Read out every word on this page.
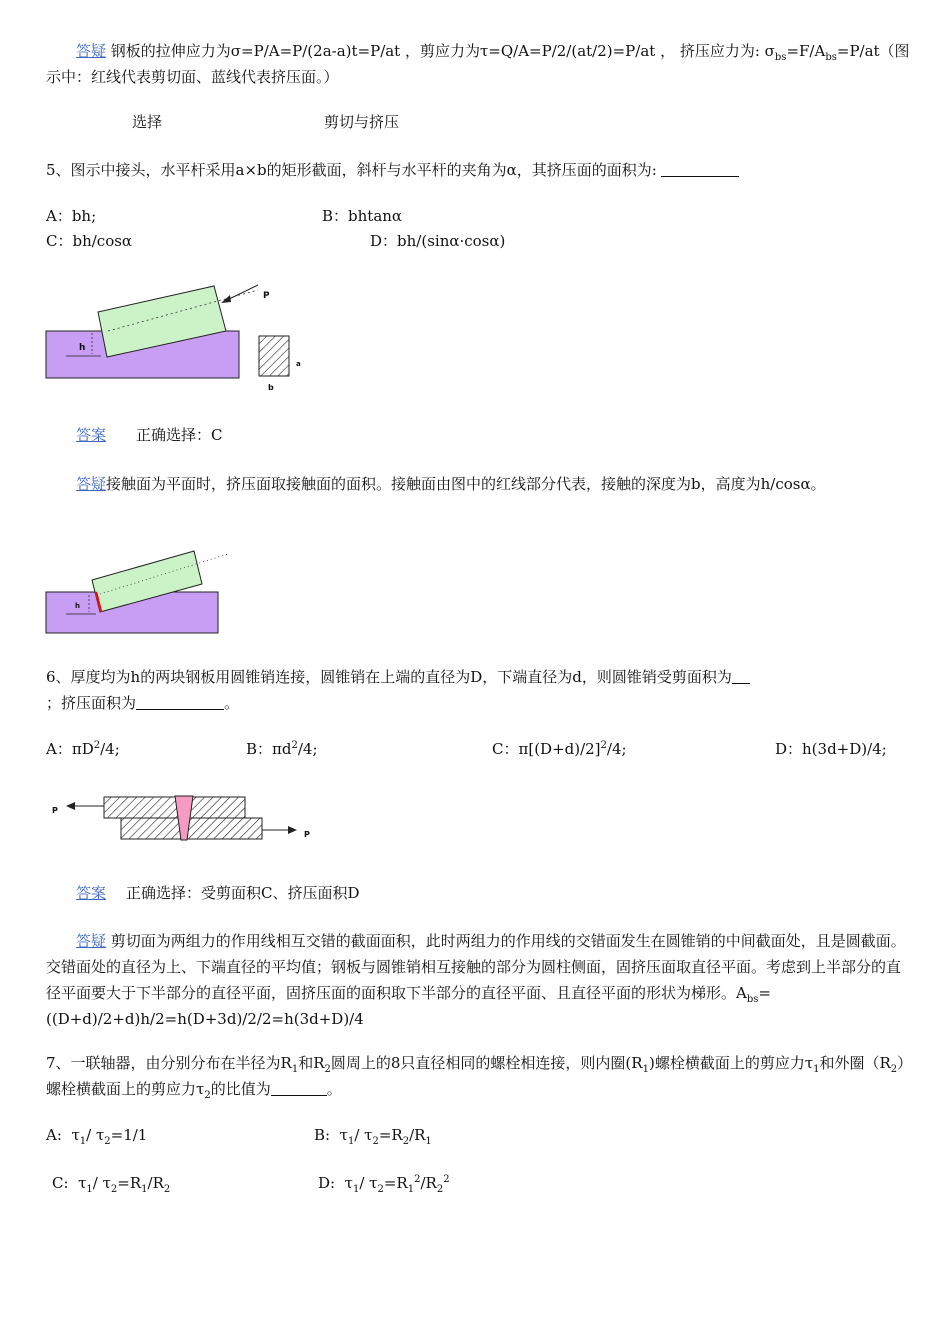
答疑 钢板的拉伸应力为σ=P/A=P/(2a-a)t=P/at ，剪应力为τ=Q/A=P/2/(at/2)=P/at ， 挤压应力为: $\sigma_{bs}=F/A_{bs}=P/at$（图示中：红线代表剪切面、蓝线代表挤压面。）
选择	剪切与挤压
5、图示中接头，水平杆采用a×b的矩形截面，斜杆与水平杆的夹角为α，其挤压面的面积为:
A：bh;	B：bhtanα
C：bh/cosα	D：bh/(sinα·cosα)
h
P
a
b
h
P
P
答案 正确选择：C
答疑接触面为平面时，挤压面取接触面的面积。接触面由图中的红线部分代表，接触的深度为b，高度为h/cosα。
6、厚度均为h的两块钢板用圆锥销连接，圆锥销在上端的直径为D，下端直径为d，则圆锥销受剪面积为
；挤压面积为	。
A：$\pi D^2/4$;	B：$\pi d^2/4$;	C：$\pi[(D+d)/2]^2/4$;	D：h(3d+D)/4;
答案 正确选择：受剪面积C、挤压面积D
答疑 剪切面为两组力的作用线相互交错的截面面积，此时两组力的作用线的交错面发生在圆锥销的中间截面处，且是圆截面。交错面处的直径为上、下端直径的平均值；钢板与圆锥销相互接触的部分为圆柱侧面，固挤压面取直径平面。考虑到上半部分的直径平面要大于下半部分的直径平面，固挤压面的面积取下半部分的直径平面、且直径平面的形状为梯形。$A_{bs}=((D+d)/2+d)h/2=h(D+3d)/2/2=h(3d+D)/4$
7、一联轴器，由分别分布在半径为$R_1$和$R_2$圆周上的8只直径相同的螺栓相连接，则内圈$(R_1)$螺栓横截面上的剪应力$\tau_1$和外圈$(R_2)$螺栓横截面上的剪应力$\tau_2$的比值为	。
A: $\tau_1/$ $\tau_2=1/1$	B: $\tau_1/$ $\tau_2=R_2/R_1$
C: $\tau_1/$ $\tau_2=R_1/R_2$	D: $\tau_1/$ $\tau_2=R_1^2/R_2^2$
